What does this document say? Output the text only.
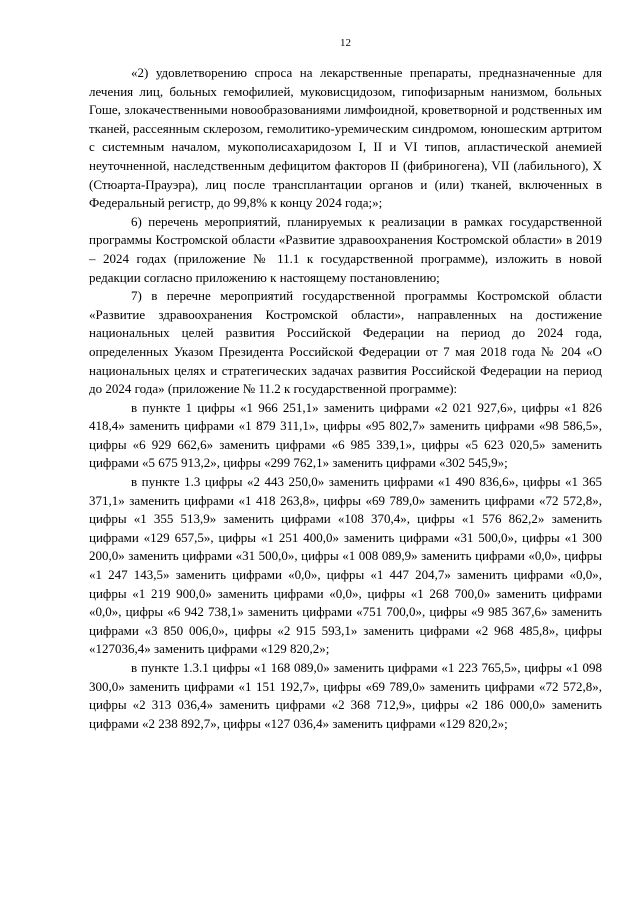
12

«2) удовлетворению спроса на лекарственные препараты, предназначенные для лечения лиц, больных гемофилией, муковисцидозом, гипофизарным нанизмом, больных Гоше, злокачественными новообразованиями лимфоидной, кроветворной и родственных им тканей, рассеянным склерозом, гемолитико-уремическим синдромом, юношеским артритом с системным началом, мукополисахаридозом I, II и VI типов, апластической анемией неуточненной, наследственным дефицитом факторов II (фибриногена), VII (лабильного), X (Стюарта-Прауэра), лиц после трансплантации органов и (или) тканей, включенных в Федеральный регистр, до 99,8% к концу 2024 года;»;

6) перечень мероприятий, планируемых к реализации в рамках государственной программы Костромской области «Развитие здравоохранения Костромской области» в 2019 – 2024 годах (приложение № 11.1 к государственной программе), изложить в новой редакции согласно приложению к настоящему постановлению;

7) в перечне мероприятий государственной программы Костромской области «Развитие здравоохранения Костромской области», направленных на достижение национальных целей развития Российской Федерации на период до 2024 года, определенных Указом Президента Российской Федерации от 7 мая 2018 года № 204 «О национальных целях и стратегических задачах развития Российской Федерации на период до 2024 года» (приложение № 11.2 к государственной программе):

в пункте 1 цифры «1 966 251,1» заменить цифрами «2 021 927,6», цифры «1 826 418,4» заменить цифрами «1 879 311,1», цифры «95 802,7» заменить цифрами «98 586,5», цифры «6 929 662,6» заменить цифрами «6 985 339,1», цифры «5 623 020,5» заменить цифрами «5 675 913,2», цифры «299 762,1» заменить цифрами «302 545,9»;

в пункте 1.3 цифры «2 443 250,0» заменить цифрами «1 490 836,6», цифры «1 365 371,1» заменить цифрами «1 418 263,8», цифры «69 789,0» заменить цифрами «72 572,8», цифры «1 355 513,9» заменить цифрами «108 370,4», цифры «1 576 862,2» заменить цифрами «129 657,5», цифры «1 251 400,0» заменить цифрами «31 500,0», цифры «1 300 200,0» заменить цифрами «31 500,0», цифры «1 008 089,9» заменить цифрами «0,0», цифры «1 247 143,5» заменить цифрами «0,0», цифры «1 447 204,7» заменить цифрами «0,0», цифры «1 219 900,0» заменить цифрами «0,0», цифры «1 268 700,0» заменить цифрами «0,0», цифры «6 942 738,1» заменить цифрами «751 700,0», цифры «9 985 367,6» заменить цифрами «3 850 006,0», цифры «2 915 593,1» заменить цифрами «2 968 485,8», цифры «127036,4» заменить цифрами «129 820,2»;

в пункте 1.3.1 цифры «1 168 089,0» заменить цифрами «1 223 765,5», цифры «1 098 300,0» заменить цифрами «1 151 192,7», цифры «69 789,0» заменить цифрами «72 572,8», цифры «2 313 036,4» заменить цифрами «2 368 712,9», цифры «2 186 000,0» заменить цифрами «2 238 892,7», цифры «127 036,4» заменить цифрами «129 820,2»;
